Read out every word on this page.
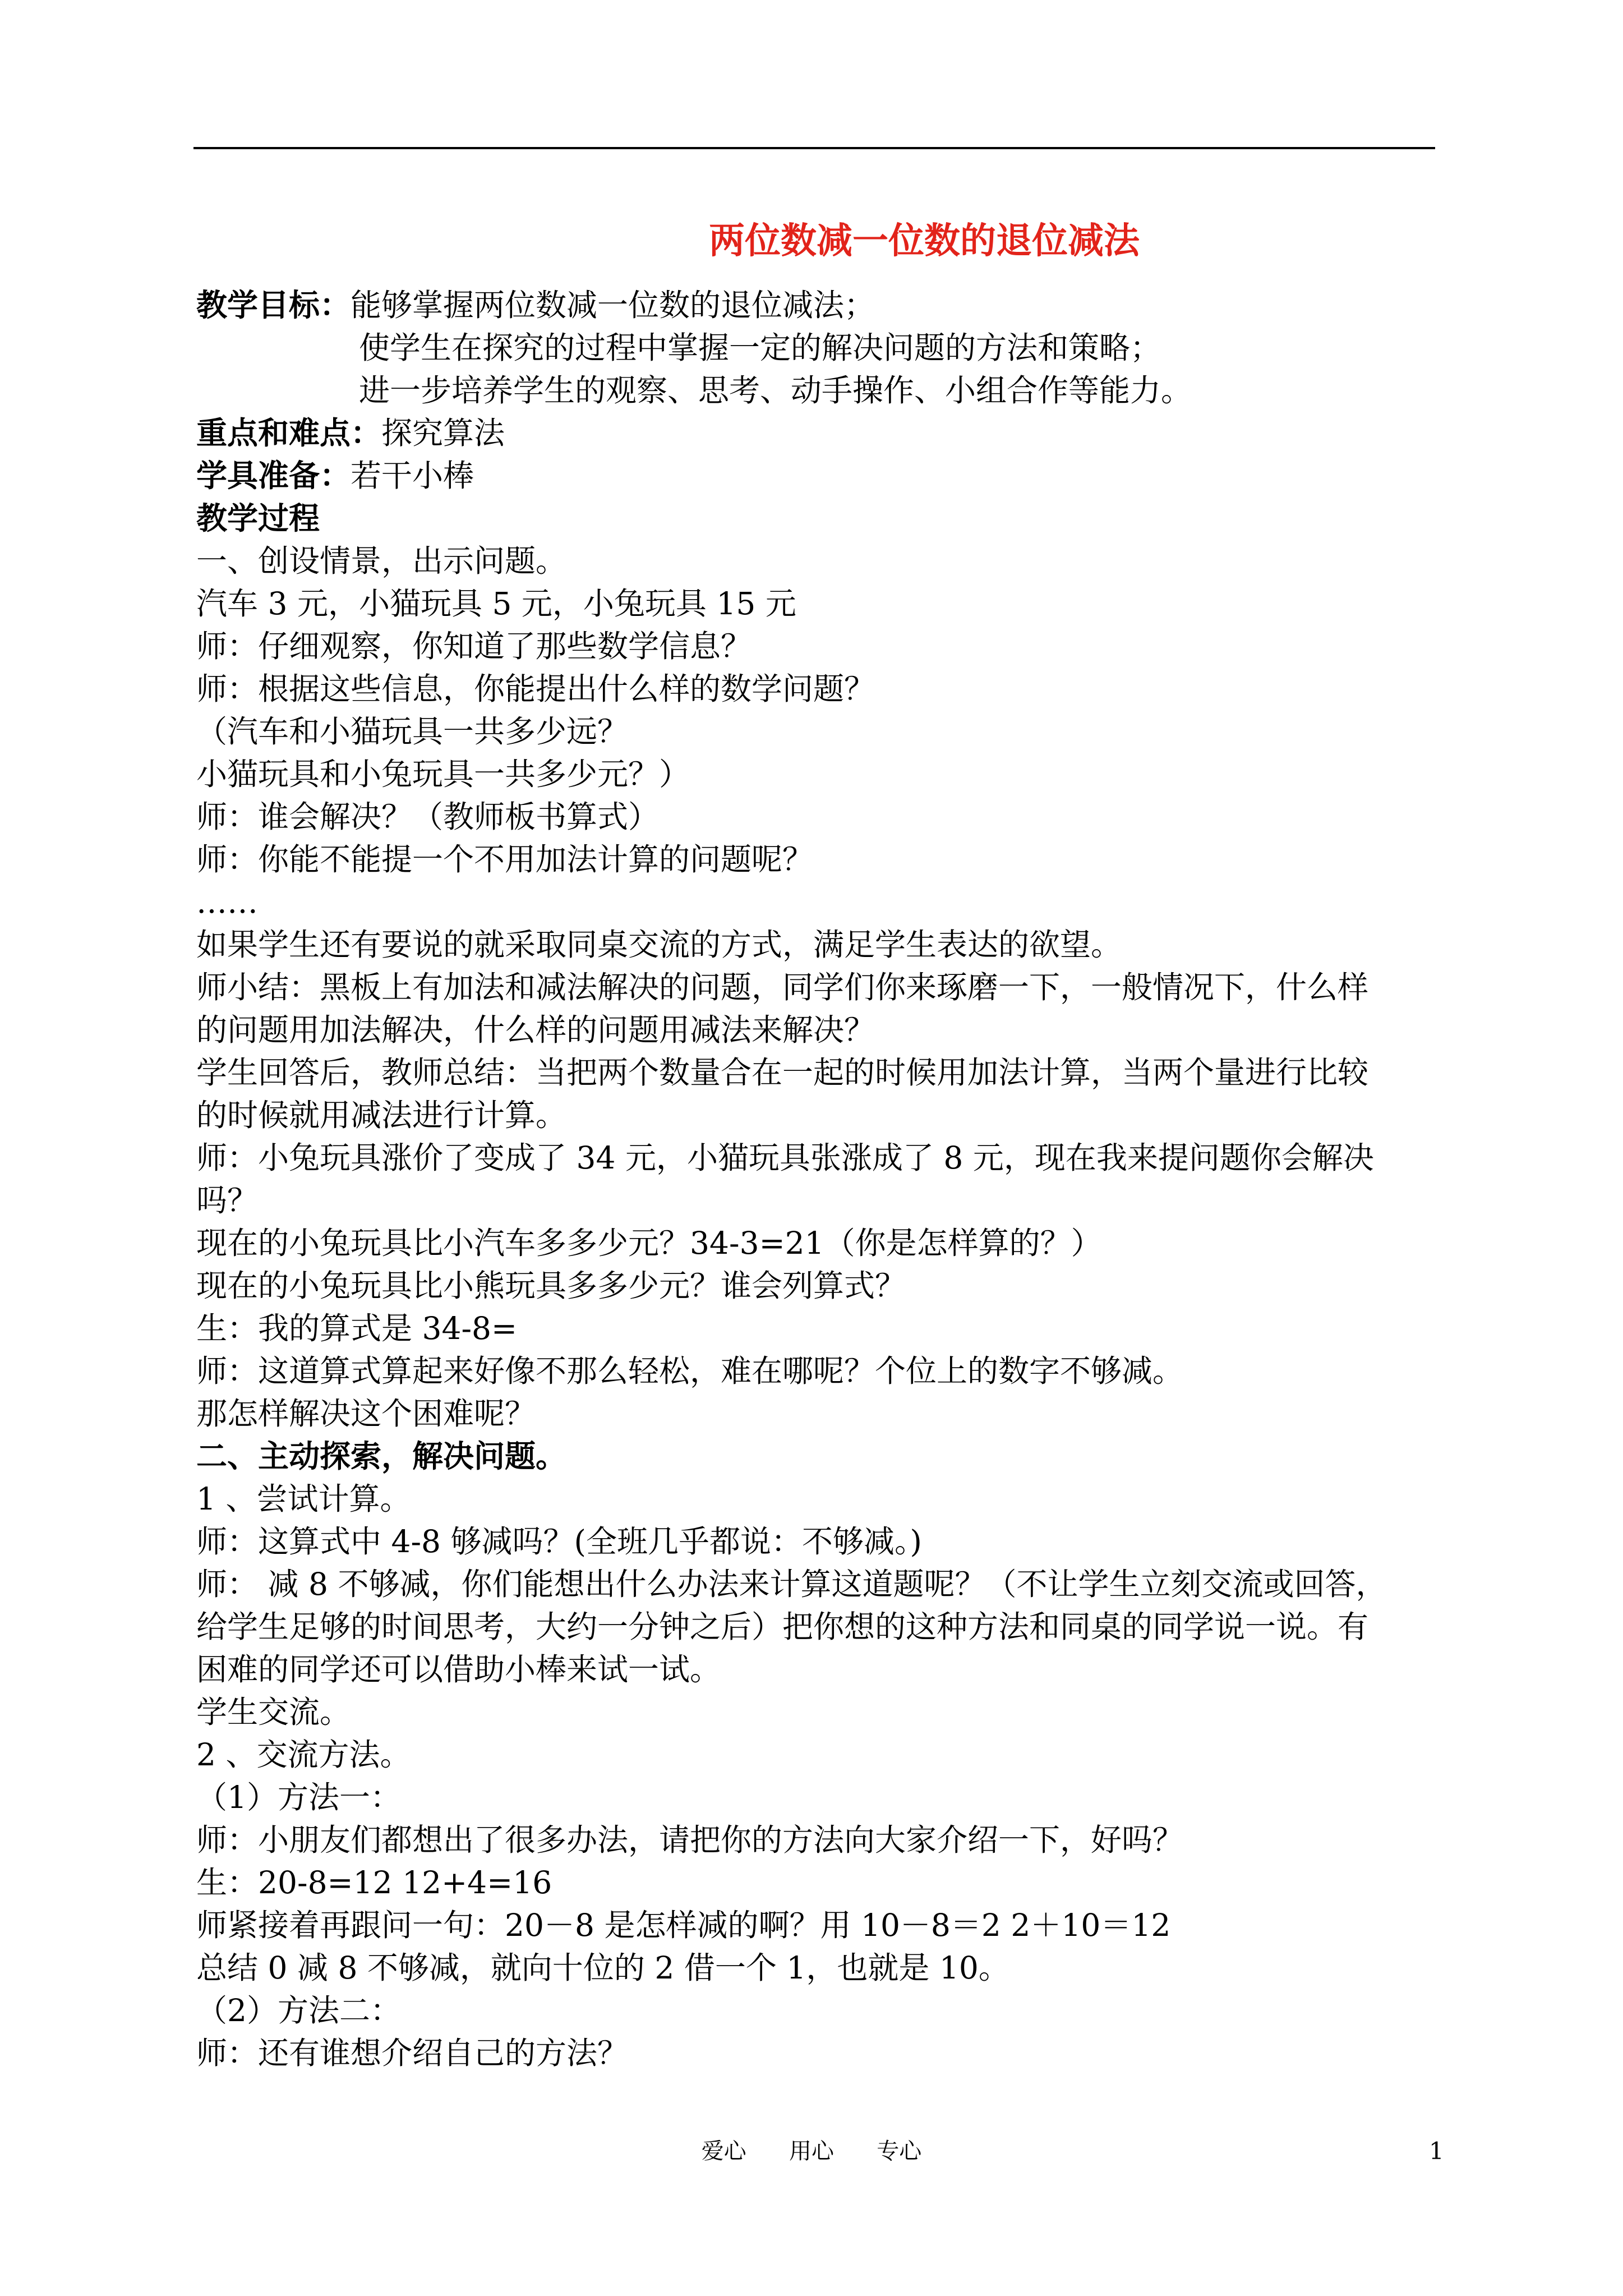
两位数减一位数的退位减法
教学目标：能够掌握两位数减一位数的退位减法；
使学生在探究的过程中掌握一定的解决问题的方法和策略；
进一步培养学生的观察、思考、动手操作、小组合作等能力。
重点和难点：探究算法
学具准备：若干小棒
教学过程
一、创设情景，出示问题。
汽车 3 元，小猫玩具 5 元，小兔玩具 15 元
师：仔细观察，你知道了那些数学信息？
师：根据这些信息，你能提出什么样的数学问题？
（汽车和小猫玩具一共多少远？
小猫玩具和小兔玩具一共多少元？）
师：谁会解决？（教师板书算式）
师：你能不能提一个不用加法计算的问题呢？
……
如果学生还有要说的就采取同桌交流的方式，满足学生表达的欲望。
师小结：黑板上有加法和减法解决的问题，同学们你来琢磨一下，一般情况下，什么样
的问题用加法解决，什么样的问题用减法来解决？
学生回答后，教师总结：当把两个数量合在一起的时候用加法计算，当两个量进行比较
的时候就用减法进行计算。
师：小兔玩具涨价了变成了 34 元，小猫玩具张涨成了 8 元，现在我来提问题你会解决
吗？
现在的小兔玩具比小汽车多多少元？34-3=21（你是怎样算的？）
现在的小兔玩具比小熊玩具多多少元？谁会列算式？
生：我的算式是 34-8=
师：这道算式算起来好像不那么轻松，难在哪呢？个位上的数字不够减。
那怎样解决这个困难呢？
二、主动探索，解决问题。
1 、尝试计算。
师：这算式中 4-8 够减吗？(全班几乎都说：不够减。)
师： 减 8 不够减，你们能想出什么办法来计算这道题呢？（不让学生立刻交流或回答，
给学生足够的时间思考，大约一分钟之后）把你想的这种方法和同桌的同学说一说。有
困难的同学还可以借助小棒来试一试。
学生交流。
2 、交流方法。
（1）方法一：
师：小朋友们都想出了很多办法，请把你的方法向大家介绍一下，好吗？
生：20-8=12 12+4=16
师紧接着再跟问一句：20－8 是怎样减的啊？用 10－8＝2 2＋10＝12
总结 0 减 8 不够减，就向十位的 2 借一个 1，也就是 10。
（2）方法二：
师：还有谁想介绍自己的方法？
爱心      用心      专心	1
